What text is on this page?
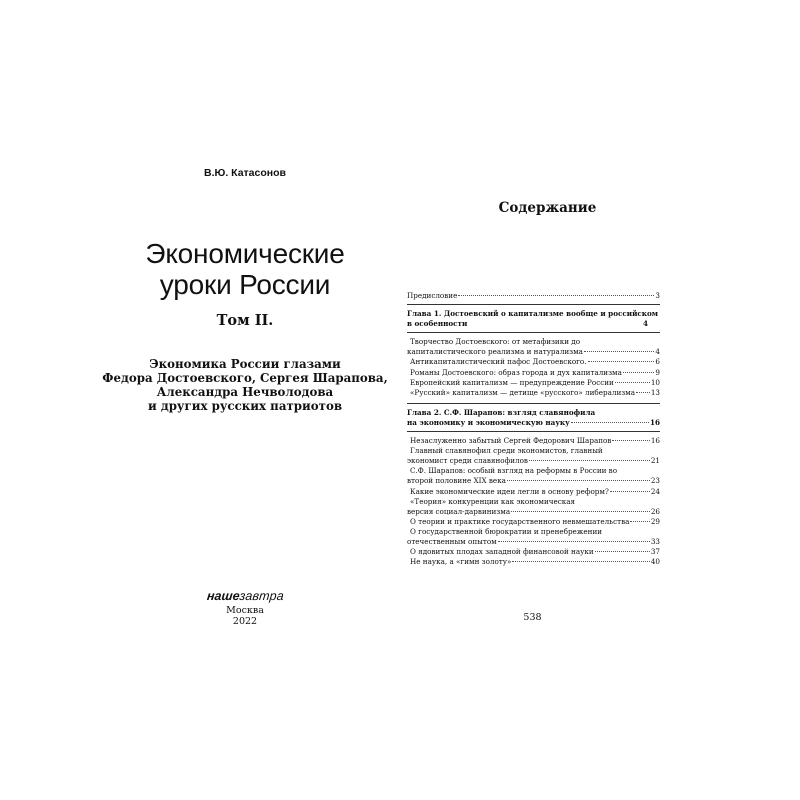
В.Ю. Катасонов
Экономические
уроки России
Том II.
Экономика России глазами
Федора Достоевского, Сергея Шарапова,
Александра Нечволодова
и других русских патриотов
нашезавтра
Москва
2022
Содержание
Предисловие	3
Глава 1. Достоевский о капитализме вообще и российском
в особенности	4
Творчество Достоевского: от метафизики до
капиталистического реализма и натурализма	4
Антикапиталистический пафос Достоевского.	6
Романы Достоевского: образ города и дух капитализма	9
Европейский капитализм — предупреждение России	10
«Русский» капитализм — детище «русского» либерализма 13
Глава 2. С.Ф. Шарапов: взгляд славянофила
на экономику и экономическую науку	16
Незаслуженно забытый Сергей Федорович Шарапов	16
Главный славянофил среди экономистов, главный
экономист среди славянофилов	21
С.Ф. Шарапов: особый взгляд на реформы в России во
второй половине XIX века	23
Какие экономические идеи легли в основу реформ?	24
«Теория» конкуренции как экономическая
версия социал-дарвинизма	26
О теории и практике государственного невмешательства	29
О государственной бюрократии и пренебрежении
отечественным опытом	33
О ядовитых плодах западной финансовой науки	37
Не наука, а «гимн золоту»	40
538
